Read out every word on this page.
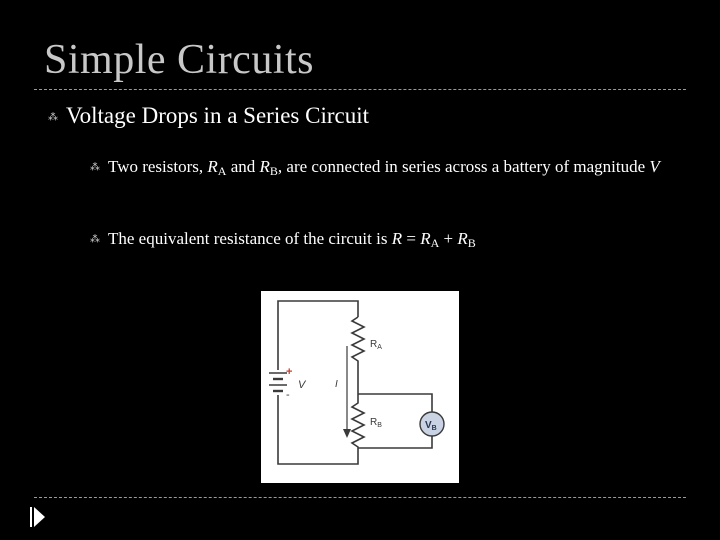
Simple Circuits
⁂ Voltage Drops in a Series Circuit
⁂ Two resistors, $R_A$ and $R_B$, are connected in series across a battery of magnitude V
⁂ The equivalent resistance of the circuit is $R = R_A + R_B$
+
-
V	I
$R_A$
$R_B$	$V_B$
